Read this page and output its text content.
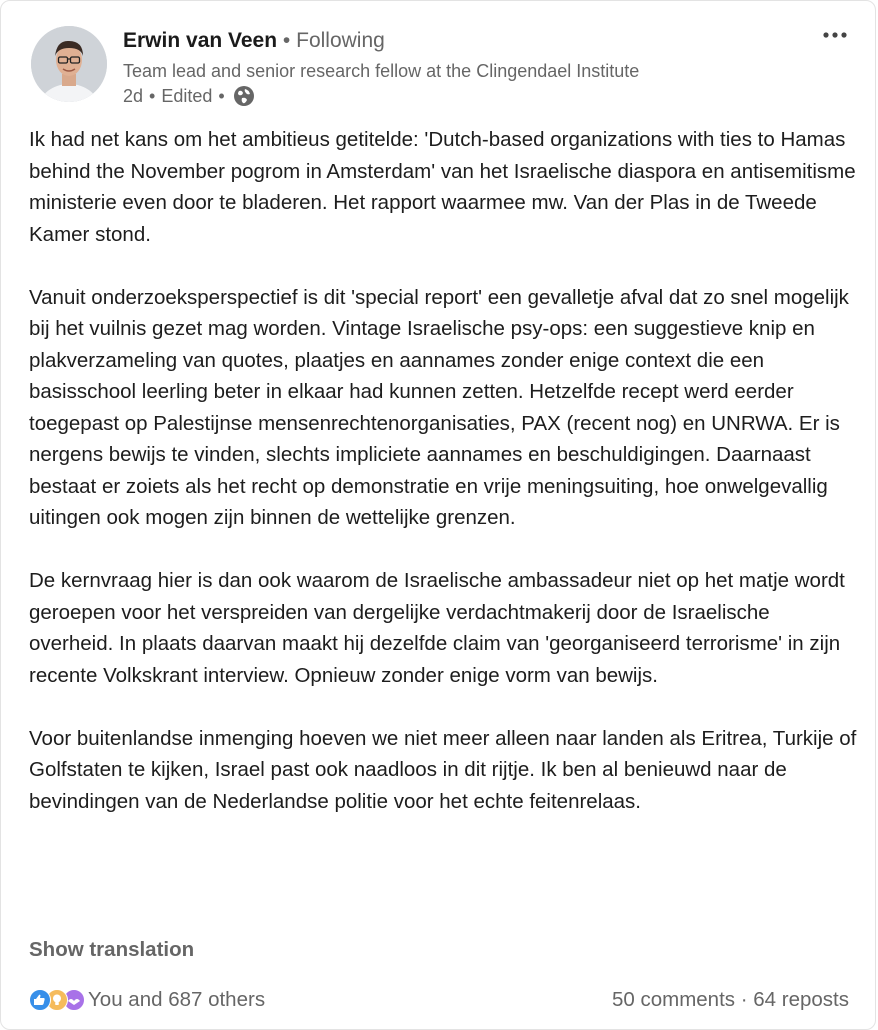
Erwin van Veen • Following
Team lead and senior research fellow at the Clingendael Institute
2d • Edited •

Ik had net kans om het ambitieus getitelde: 'Dutch-based organizations with ties to Hamas behind the November pogrom in Amsterdam' van het Israelische diaspora en antisemitisme ministerie even door te bladeren. Het rapport waarmee mw. Van der Plas in de Tweede Kamer stond.

Vanuit onderzoeksperspectief is dit 'special report' een gevalletje afval dat zo snel mogelijk bij het vuilnis gezet mag worden. Vintage Israelische psy-ops: een suggestieve knip en plakverzameling van quotes, plaatjes en aannames zonder enige context die een basisschool leerling beter in elkaar had kunnen zetten. Hetzelfde recept werd eerder toegepast op Palestijnse mensenrechtenorganisaties, PAX (recent nog) en UNRWA. Er is nergens bewijs te vinden, slechts impliciete aannames en beschuldigingen. Daarnaast bestaat er zoiets als het recht op demonstratie en vrije meningsuiting, hoe onwelgevallig uitingen ook mogen zijn binnen de wettelijke grenzen.

De kernvraag hier is dan ook waarom de Israelische ambassadeur niet op het matje wordt geroepen voor het verspreiden van dergelijke verdachtmakerij door de Israelische overheid. In plaats daarvan maakt hij dezelfde claim van 'georganiseerd terrorisme' in zijn recente Volkskrant interview. Opnieuw zonder enige vorm van bewijs.

Voor buitenlandse inmenging hoeven we niet meer alleen naar landen als Eritrea, Turkije of Golfstaten te kijken, Israel past ook naadloos in dit rijtje. Ik ben al benieuwd naar de bevindingen van de Nederlandse politie voor het echte feitenrelaas.

Show translation
You and 687 others	50 comments · 64 reposts
